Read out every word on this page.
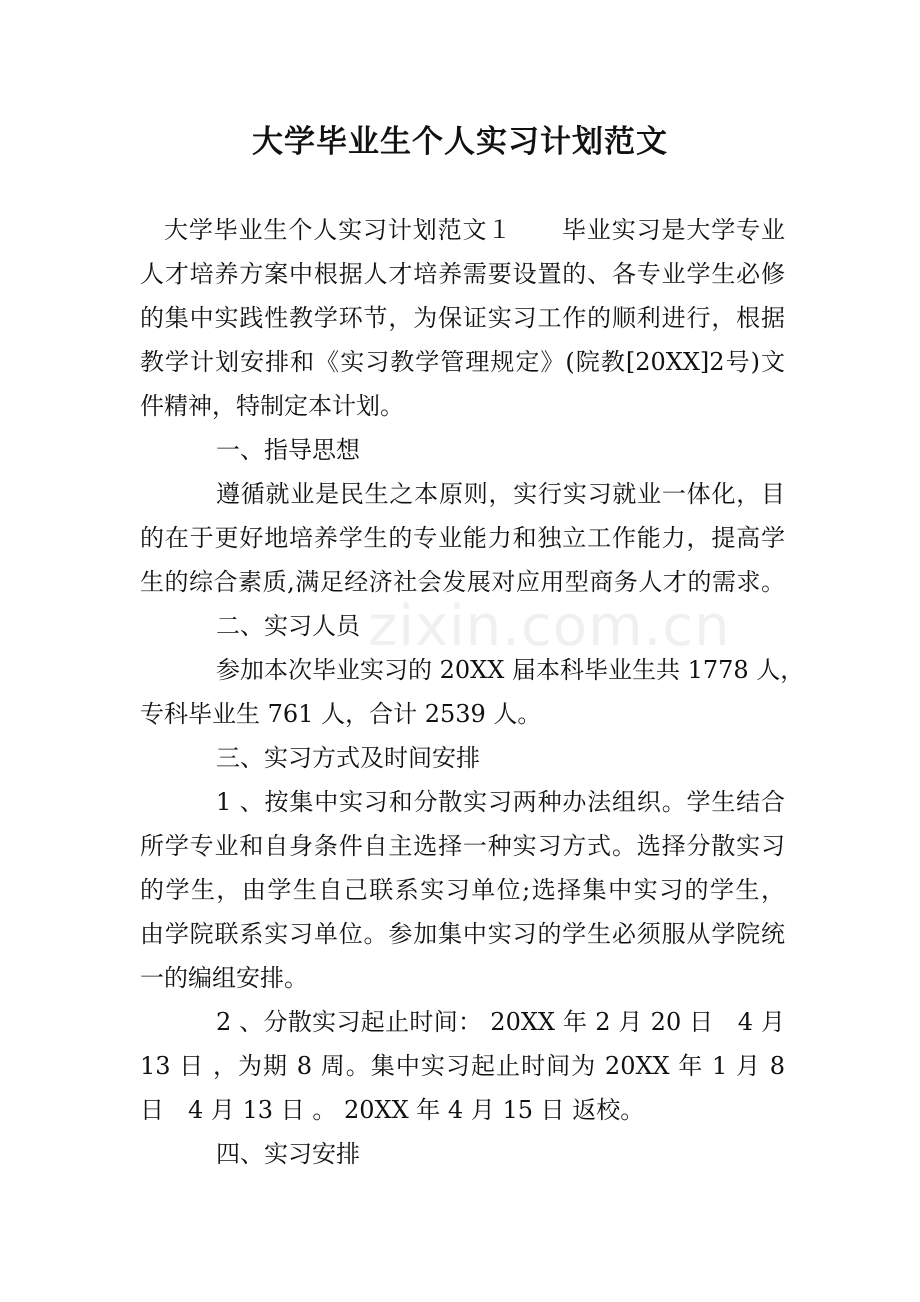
大学毕业生个人实习计划范文
大学毕业生个人实习计划范文１　　毕业实习是大学专业
人才培养方案中根据人才培养需要设置的、各专业学生必修
的集中实践性教学环节，为保证实习工作的顺利进行，根据
教学计划安排和《实习教学管理规定》(院教[20XX]2号)文
件精神，特制定本计划。
一、指导思想
遵循就业是民生之本原则，实行实习就业一体化，目
的在于更好地培养学生的专业能力和独立工作能力，提高学
生的综合素质,满足经济社会发展对应用型商务人才的需求。
二、实习人员
参加本次毕业实习的 20XX 届本科毕业生共 1778 人，
专科毕业生 761 人，合计 2539 人。
三、实习方式及时间安排
1 、按集中实习和分散实习两种办法组织。学生结合
所学专业和自身条件自主选择一种实习方式。选择分散实习
的学生，由学生自己联系实习单位;选择集中实习的学生，
由学院联系实习单位。参加集中实习的学生必须服从学院统
一的编组安排。
2 、分散实习起止时间： 20XX 年 2 月 20 日　4 月
13 日 ，为期 8 周。集中实习起止时间为 20XX 年 1 月 8
日　4 月 13 日 。 20XX 年 4 月 15 日 返校。
四、实习安排
zixin.com.cn
